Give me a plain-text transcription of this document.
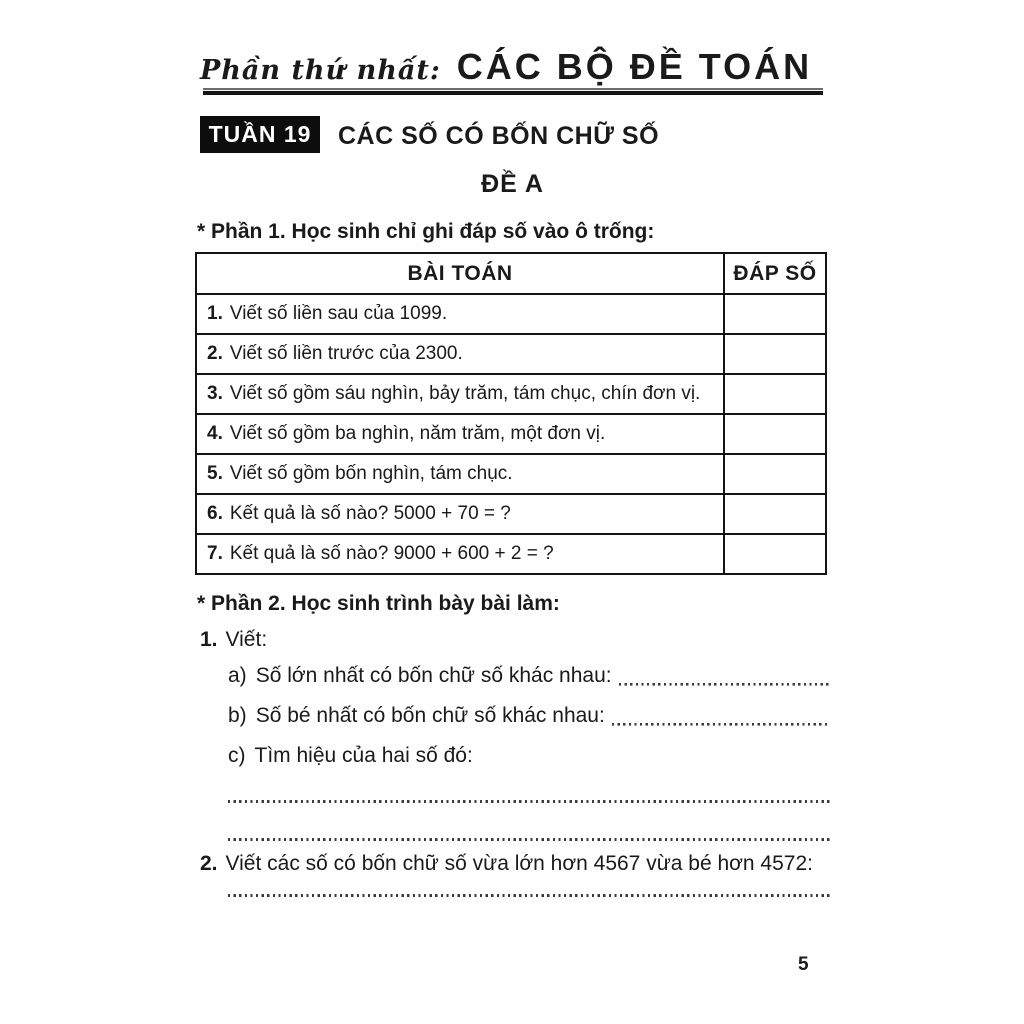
Phần thứ nhất: CÁC BỘ ĐỀ TOÁN
TUẦN 19	CÁC SỐ CÓ BỐN CHỮ SỐ
ĐỀ A
* Phần 1. Học sinh chỉ ghi đáp số vào ô trống:
BÀI TOÁN	ĐÁP SỐ
1. Viết số liền sau của 1099.	
2. Viết số liền trước của 2300.	
3. Viết số gồm sáu nghìn, bảy trăm, tám chục, chín đơn vị.	
4. Viết số gồm ba nghìn, năm trăm, một đơn vị.	
5. Viết số gồm bốn nghìn, tám chục.	
6. Kết quả là số nào? 5000 + 70 = ?	
7. Kết quả là số nào? 9000 + 600 + 2 = ?	
* Phần 2. Học sinh trình bày bài làm:
1. Viết:
a) Số lớn nhất có bốn chữ số khác nhau:
b) Số bé nhất có bốn chữ số khác nhau:
c) Tìm hiệu của hai số đó:
2. Viết các số có bốn chữ số vừa lớn hơn 4567 vừa bé hơn 4572:
5
